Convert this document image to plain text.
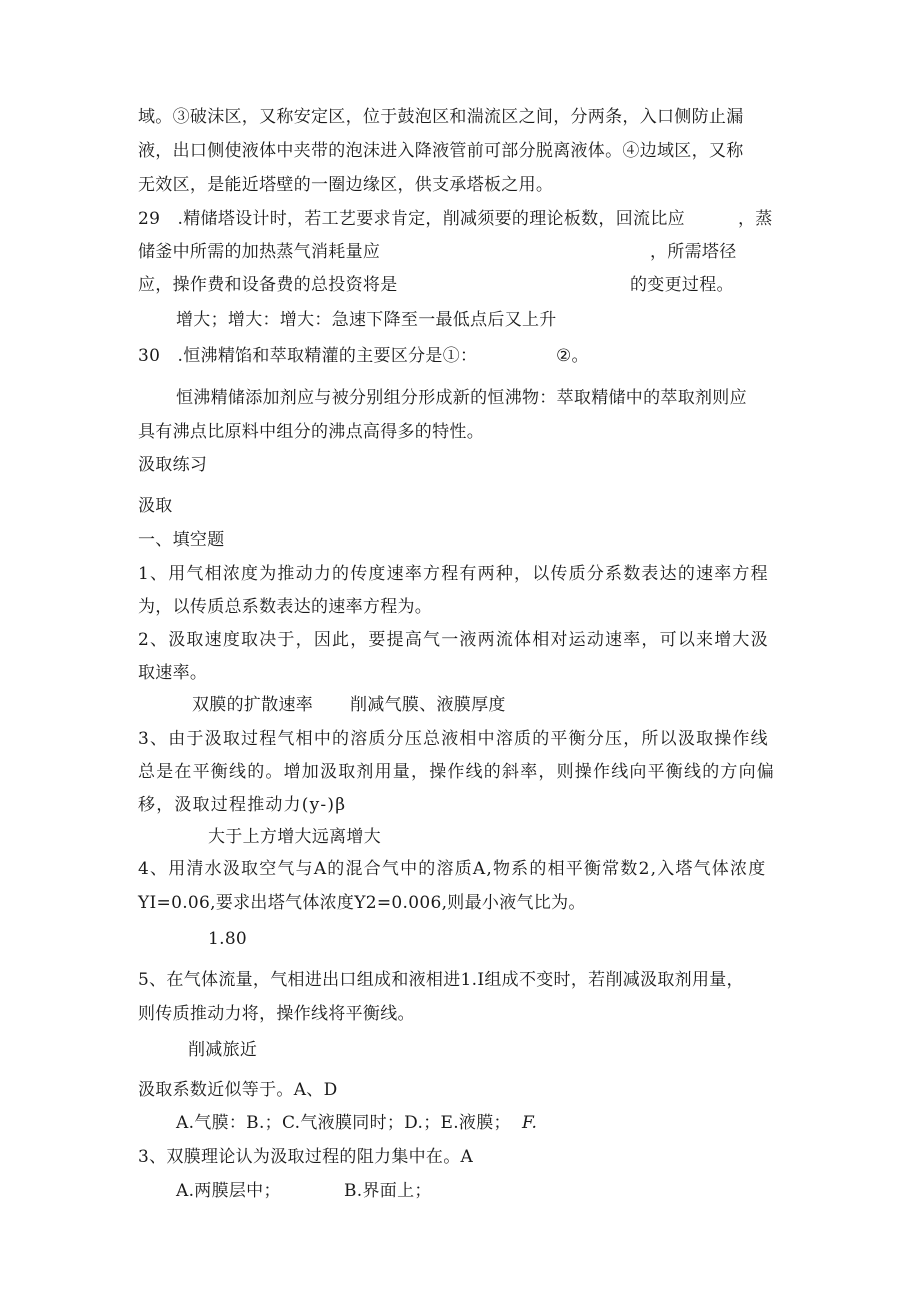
域。③破沫区，又称安定区，位于鼓泡区和湍流区之间，分两条，入口侧防止漏
液，出口侧使液体中夹带的泡沫进入降液管前可部分脱离液体。④边域区，又称
无效区，是能近塔壁的一圈边缘区，供支承塔板之用。
29　.精储塔设计时，若工艺要求肯定，削减须要的理论板数，回流比应	，蒸
储釜中所需的加热蒸气消耗量应	，所需塔径
应，操作费和设备费的总投资将是	的变更过程。
增大；增大：增大：急速下降至一最低点后又上升
30　.恒沸精馅和萃取精灌的主要区分是①：	②。
恒沸精储添加剂应与被分别组分形成新的恒沸物：萃取精储中的萃取剂则应
具有沸点比原料中组分的沸点高得多的特性。
汲取练习
汲取
一、填空题
1、用气相浓度为推动力的传度速率方程有两种，以传质分系数表达的速率方程
为，以传质总系数表达的速率方程为。
2、汲取速度取决于，因此，要提高气一液两流体相对运动速率，可以来增大汲
取速率。
双膜的扩散速率 削减气膜、液膜厚度
3、由于汲取过程气相中的溶质分压总液相中溶质的平衡分压，所以汲取操作线
总是在平衡线的。增加汲取剂用量，操作线的斜率，则操作线向平衡线的方向偏
移，汲取过程推动力(y-)β
大于上方增大远离增大
4、用清水汲取空气与A的混合气中的溶质A,物系的相平衡常数2,入塔气体浓度
YI=0.06,要求出塔气体浓度Y2=0.006,则最小液气比为。
1.80
5、在气体流量，气相进出口组成和液相进1.I组成不变时，若削减汲取剂用量，
则传质推动力将，操作线将平衡线。
削减旅近
汲取系数近似等于。A、D
A.气膜：B.；C.气液膜同时；D.；E.液膜； F.
3、双膜理论认为汲取过程的阻力集中在。A
A.两膜层中；	B.界面上；
